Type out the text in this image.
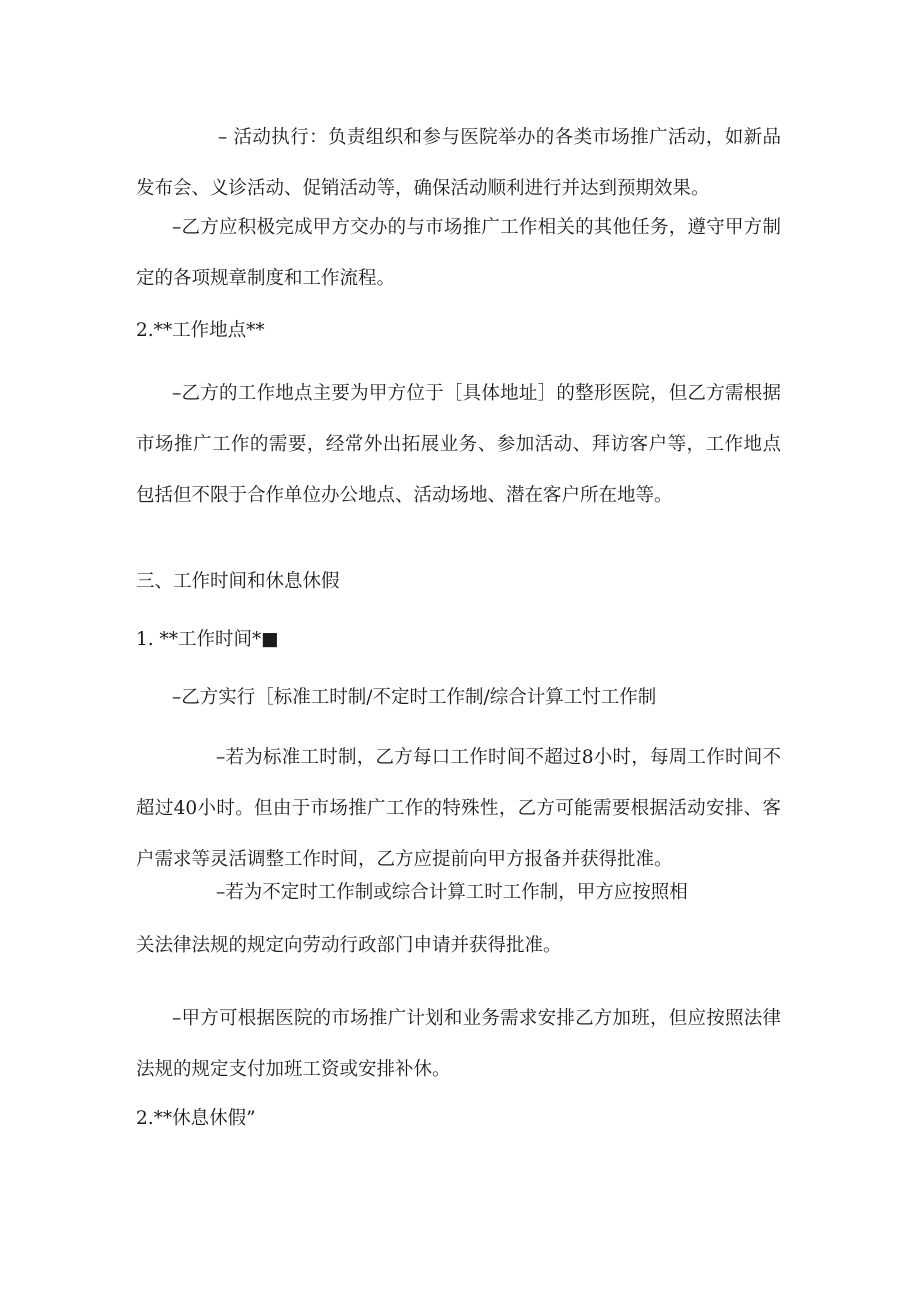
– 活动执行：负责组织和参与医院举办的各类市场推广活动，如新品发布会、义诊活动、促销活动等，确保活动顺利进行并达到预期效果。
–乙方应积极完成甲方交办的与市场推广工作相关的其他任务，遵守甲方制定的各项规章制度和工作流程。
2.**工作地点**
–乙方的工作地点主要为甲方位于［具体地址］的整形医院，但乙方需根据市场推广工作的需要，经常外出拓展业务、参加活动、拜访客户等，工作地点包括但不限于合作单位办公地点、活动场地、潜在客户所在地等。
三、工作时间和休息休假
1. **工作时间*■
–乙方实行［标准工时制/不定时工作制/综合计算工忖工作制
–若为标准工时制，乙方每口工作时间不超过8小时，每周工作时间不超过40小时。但由于市场推广工作的特殊性，乙方可能需要根据活动安排、客户需求等灵活调整工作时间，乙方应提前向甲方报备并获得批准。
–若为不定时工作制或综合计算工时工作制，甲方应按照相
关法律法规的规定向劳动行政部门申请并获得批准。
–甲方可根据医院的市场推广计划和业务需求安排乙方加班，但应按照法律法规的规定支付加班工资或安排补休。
2.**休息休假”
